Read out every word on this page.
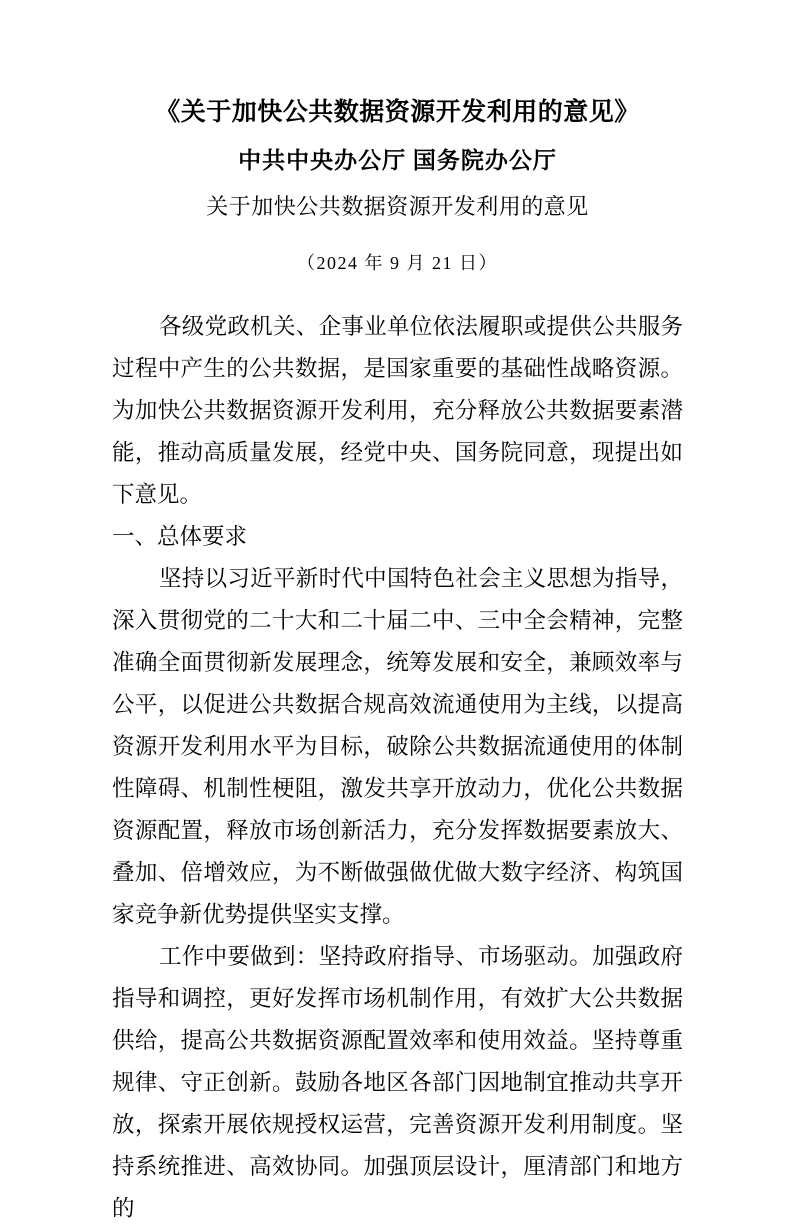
《关于加快公共数据资源开发利用的意见》
中共中央办公厅 国务院办公厅
关于加快公共数据资源开发利用的意见
（2024 年 9 月 21 日）

各级党政机关、企事业单位依法履职或提供公共服务过程中产生的公共数据，是国家重要的基础性战略资源。为加快公共数据资源开发利用，充分释放公共数据要素潜能，推动高质量发展，经党中央、国务院同意，现提出如下意见。

一、总体要求

坚持以习近平新时代中国特色社会主义思想为指导，深入贯彻党的二十大和二十届二中、三中全会精神，完整准确全面贯彻新发展理念，统筹发展和安全，兼顾效率与公平，以促进公共数据合规高效流通使用为主线，以提高资源开发利用水平为目标，破除公共数据流通使用的体制性障碍、机制性梗阻，激发共享开放动力，优化公共数据资源配置，释放市场创新活力，充分发挥数据要素放大、叠加、倍增效应，为不断做强做优做大数字经济、构筑国家竞争新优势提供坚实支撑。

工作中要做到：坚持政府指导、市场驱动。加强政府指导和调控，更好发挥市场机制作用，有效扩大公共数据供给，提高公共数据资源配置效率和使用效益。坚持尊重规律、守正创新。鼓励各地区各部门因地制宜推动共享开放，探索开展依规授权运营，完善资源开发利用制度。坚持系统推进、高效协同。加强顶层设计，厘清部门和地方的
